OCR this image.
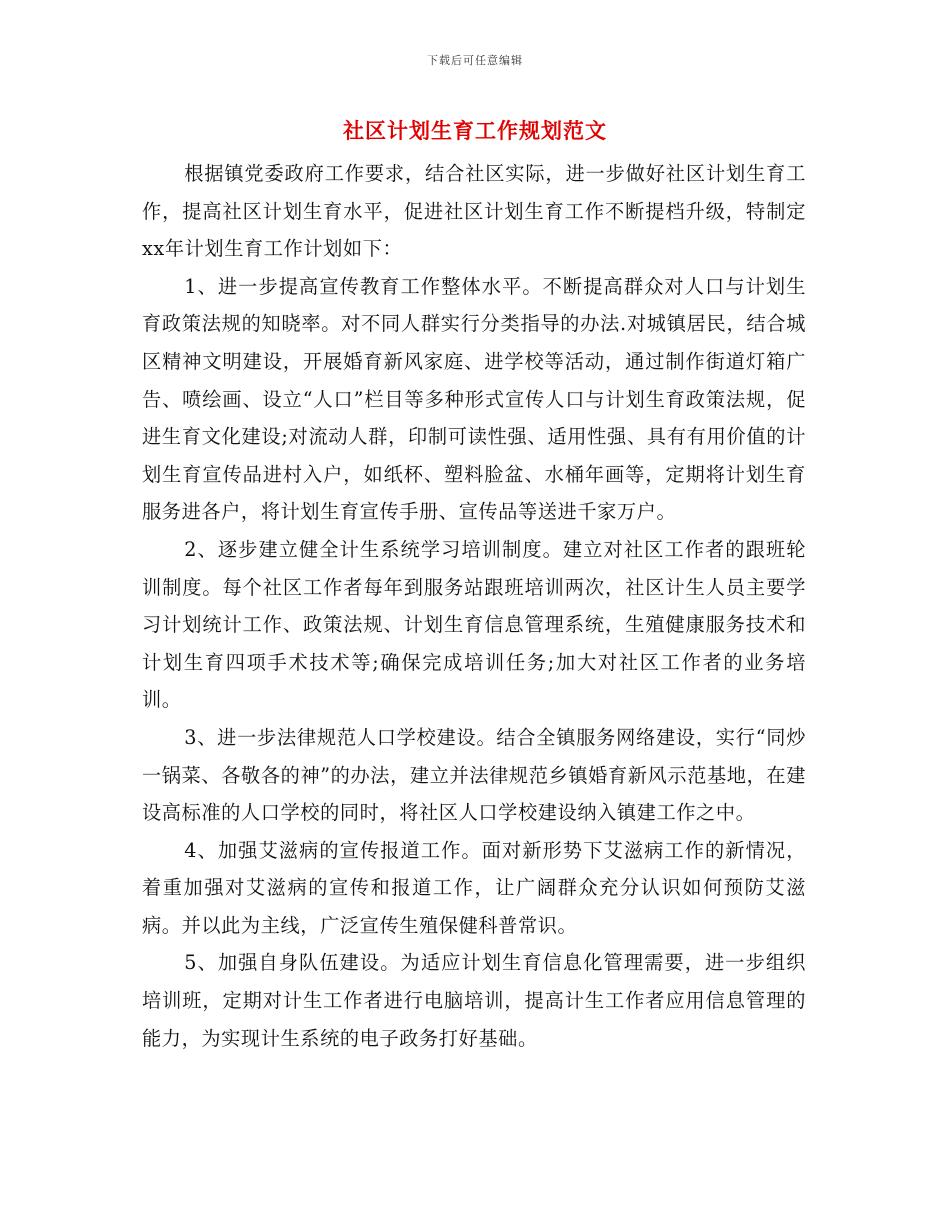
下载后可任意编辑
社区计划生育工作规划范文

根据镇党委政府工作要求，结合社区实际，进一步做好社区计划生育工作，提高社区计划生育水平，促进社区计划生育工作不断提档升级，特制定xx年计划生育工作计划如下：

1、进一步提高宣传教育工作整体水平。不断提高群众对人口与计划生育政策法规的知晓率。对不同人群实行分类指导的办法.对城镇居民，结合城区精神文明建设，开展婚育新风家庭、进学校等活动，通过制作街道灯箱广告、喷绘画、设立“人口”栏目等多种形式宣传人口与计划生育政策法规，促进生育文化建设;对流动人群，印制可读性强、适用性强、具有有用价值的计划生育宣传品进村入户，如纸杯、塑料脸盆、水桶年画等，定期将计划生育服务进各户，将计划生育宣传手册、宣传品等送进千家万户。

2、逐步建立健全计生系统学习培训制度。建立对社区工作者的跟班轮训制度。每个社区工作者每年到服务站跟班培训两次，社区计生人员主要学习计划统计工作、政策法规、计划生育信息管理系统，生殖健康服务技术和计划生育四项手术技术等;确保完成培训任务;加大对社区工作者的业务培训。

3、进一步法律规范人口学校建设。结合全镇服务网络建设，实行“同炒一锅菜、各敬各的神”的办法，建立并法律规范乡镇婚育新风示范基地，在建设高标准的人口学校的同时，将社区人口学校建设纳入镇建工作之中。

4、加强艾滋病的宣传报道工作。面对新形势下艾滋病工作的新情况，着重加强对艾滋病的宣传和报道工作，让广阔群众充分认识如何预防艾滋病。并以此为主线，广泛宣传生殖保健科普常识。

5、加强自身队伍建设。为适应计划生育信息化管理需要，进一步组织培训班，定期对计生工作者进行电脑培训，提高计生工作者应用信息管理的能力，为实现计生系统的电子政务打好基础。
